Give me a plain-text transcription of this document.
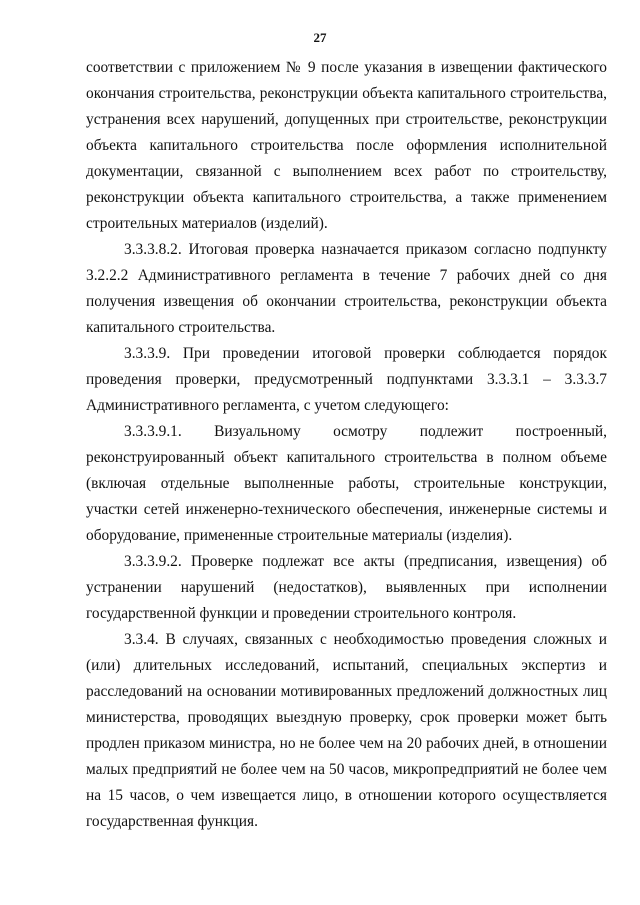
27

соответствии с приложением № 9 после указания в извещении фактического окончания строительства, реконструкции объекта капитального строительства, устранения всех нарушений, допущенных при строительстве, реконструкции объекта капитального строительства после оформления исполнительной документации, связанной с выполнением всех работ по строительству, реконструкции объекта капитального строительства, а также применением строительных материалов (изделий).

3.3.3.8.2. Итоговая проверка назначается приказом согласно подпункту 3.2.2.2 Административного регламента в течение 7 рабочих дней со дня получения извещения об окончании строительства, реконструкции объекта капитального строительства.

3.3.3.9. При проведении итоговой проверки соблюдается порядок проведения проверки, предусмотренный подпунктами 3.3.3.1 – 3.3.3.7 Административного регламента, с учетом следующего:

3.3.3.9.1. Визуальному осмотру подлежит построенный, реконструированный объект капитального строительства в полном объеме (включая отдельные выполненные работы, строительные конструкции, участки сетей инженерно-технического обеспечения, инженерные системы и оборудование, примененные строительные материалы (изделия).

3.3.3.9.2. Проверке подлежат все акты (предписания, извещения) об устранении нарушений (недостатков), выявленных при исполнении государственной функции и проведении строительного контроля.

3.3.4. В случаях, связанных с необходимостью проведения сложных и (или) длительных исследований, испытаний, специальных экспертиз и расследований на основании мотивированных предложений должностных лиц министерства, проводящих выездную проверку, срок проверки может быть продлен приказом министра, но не более чем на 20 рабочих дней, в отношении малых предприятий не более чем на 50 часов, микропредприятий не более чем на 15 часов, о чем извещается лицо, в отношении которого осуществляется государственная функция.
